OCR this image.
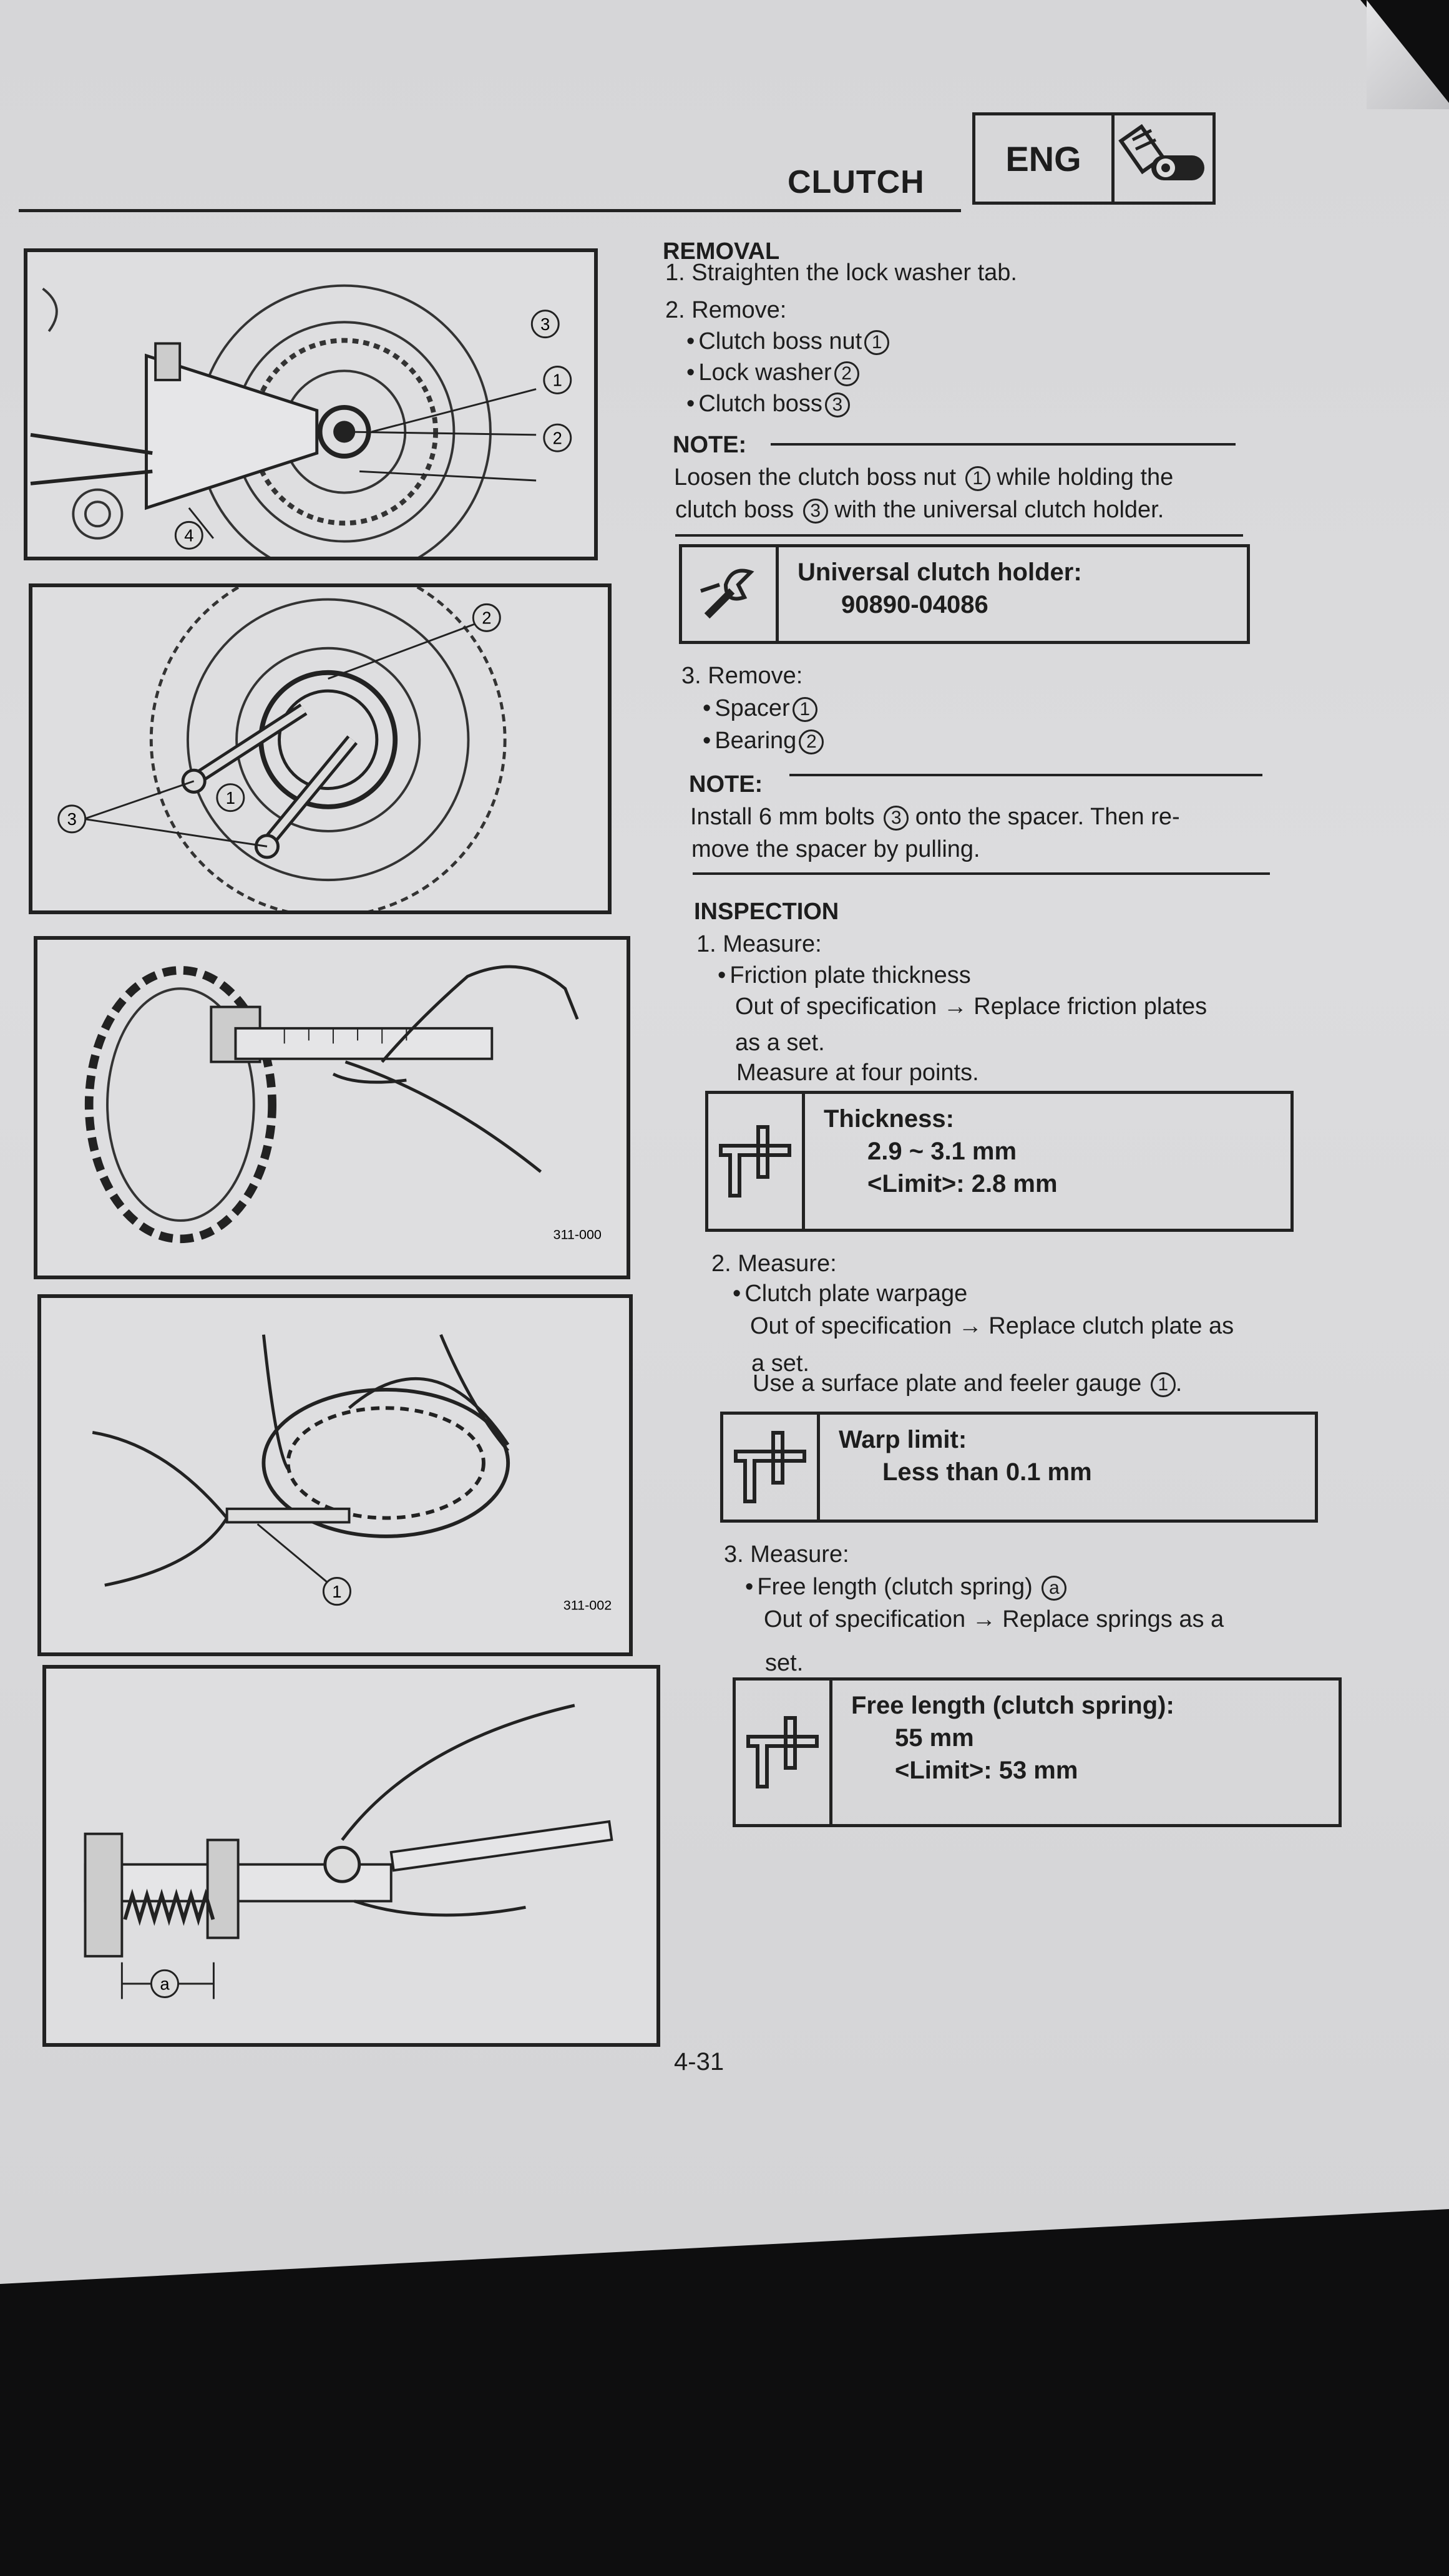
CLUTCH
ENG
3
1
2
4
2
1
3
311-000
1
311-002
a
REMOVAL
1. Straighten the lock washer tab.
2. Remove:
• Clutch boss nut 1
• Lock washer 2
• Clutch boss 3
NOTE:
Loosen the clutch boss nut 1 while holding the
clutch boss 3 with the universal clutch holder.
Universal clutch holder:
90890-04086
3. Remove:
• Spacer 1
• Bearing 2
NOTE:
Install 6 mm bolts 3 onto the spacer. Then re-
move the spacer by pulling.
INSPECTION
1. Measure:
• Friction plate thickness
Out of specification → Replace friction plates
as a set.
Measure at four points.
Thickness:
2.9 ~ 3.1 mm
<Limit>: 2.8 mm
2. Measure:
• Clutch plate warpage
Out of specification → Replace clutch plate as
a set.
Use a surface plate and feeler gauge 1 .
Warp limit:
Less than 0.1 mm
3. Measure:
• Free length (clutch spring) a
Out of specification → Replace springs as a
set.
Free length (clutch spring):
55 mm
<Limit>: 53 mm
4-31
